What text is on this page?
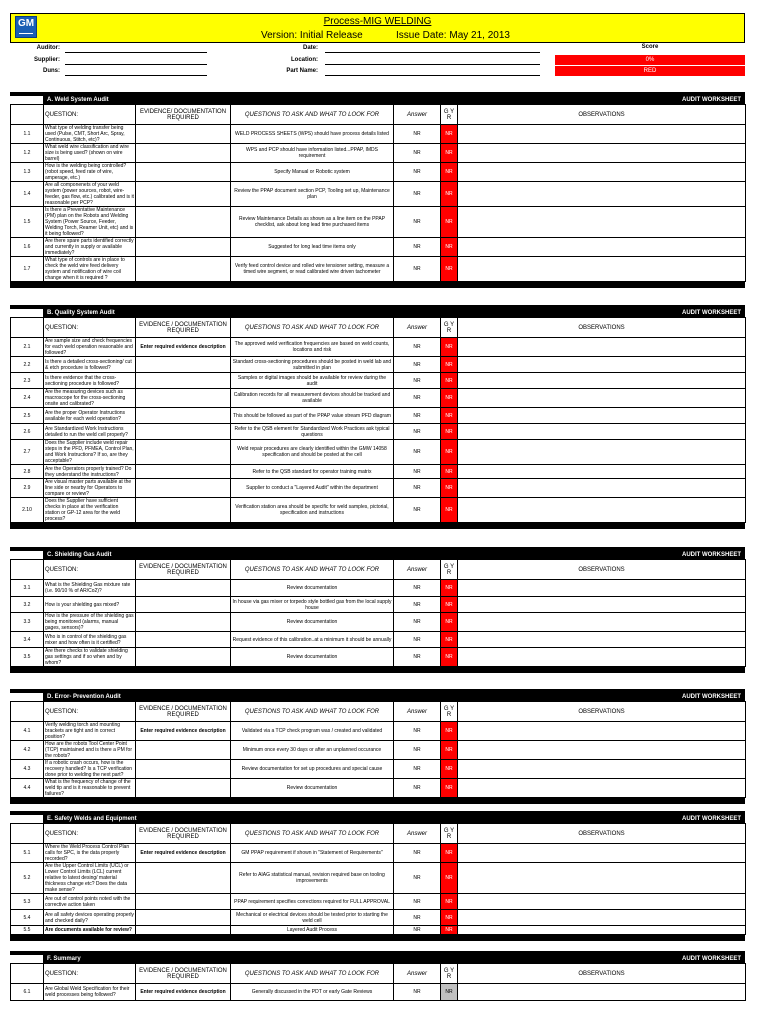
GM	Process-MIG WELDING
Version: Initial Release	Issue Date: May 21, 2013
Auditor:
Supplier:
Duns:
Date:
Location:
Part Name:
Score
0%
RED
A. Weld System Audit	AUDIT WORKSHEET
	QUESTION:	EVIDENCE/ DOCUMENTATION REQUIRED	QUESTIONS TO ASK AND WHAT TO LOOK FOR	Answer	G Y R	OBSERVATIONS
1.1	What type of welding transfer being used (Pulse, CMT, Short Arc, Spray, Continuous, Stitch, etc)?		WELD PROCESS SHEETS (WPS) should have process details listed	NR	NR	
1.2	What weld wire classification and wire size is being used? (shown on wire barrel)		WPS and PCP should have information listed...PPAP, IMDS requirement	NR	NR	
1.3	How is the welding being controlled? (robot speed, feed rate of wire, amperage, etc.)		Specify Manual or Robotic system	NR	NR	
1.4	Are all componenets of your weld system (power sources, robot, wire-feeder, gas flow, etc.) calibrated and is it reasonable per PCP?		Review the PPAP document section PCP, Tooling set up, Maintenance plan	NR	NR	
1.5	Is there a Preventative Maintenance (PM) plan on the Robots and Welding System (Power Source, Feeder, Welding Torch, Reamer Unit, etc) and is it being followed?		Review Maintenance Details as shown as a line item on the PPAP checklist, ask about long lead time purchased items	NR	NR	
1.6	Are there spare parts identified correctly and currently in supply or available immediately?		Suggested for long lead time items only	NR	NR	
1.7	What type of controls are in place to check the weld wire feed delivery system and notification of wire coil change when it is required ?		Verify feed control device and rolled wire tensioner setting, measure a timed wire segment, or read calibrated wire driven tachometer	NR	NR	
B. Quality System Audit	AUDIT WORKSHEET
	QUESTION:	EVIDENCE / DOCUMENTATION REQUIRED	QUESTIONS TO ASK AND WHAT TO LOOK FOR	Answer	G Y R	OBSERVATIONS
2.1	Are sample size and check frequencies for each weld operation reasonable and followed?	Enter required evidence description	The approved weld verification frequencies are based on weld counts, locations and risk	NR	NR	
2.2	Is there a detailed cross-sectioning/ cut & etch procedure is followed?		Standard cross-sectioning procedures should be posted in weld lab and submitted in plan	NR	NR	
2.3	Is there evidence that the cross-sectioning procedure is followed?		Samples or digital images should be available for review during the audit	NR	NR	
2.4	Are the measuring devices such as macroscope for the cross-sectioning onsite and calibrated?		Calibration records for all measurement devices should be tracked and available	NR	NR	
2.5	Are the proper Operator Instructions available for each weld operation?		This should be followed as part of the PPAP value stream PFD diagram	NR	NR	
2.6	Are Standardized Work Instructions detailed to run the weld cell properly?		Refer to the QSB element for Standardized Work Practices ask typical questions	NR	NR	
2.7	Does the Supplier include weld repair steps in the PFD, PFMEA, Control Plan, and Work Instructions? If so, are they acceptable?		Weld repair procedures are clearly identified within the GMW 14058 specification and should be posted at the cell	NR	NR	
2.8	Are the Operators properly trained? Do they understand the instructions?		Refer to the QSB standard for operator training matrix	NR	NR	
2.9	Are visual master parts available at the line side or nearby for Operators to compare or review?		Supplier to conduct a "Layered Audit" within the department	NR	NR	
2.10	Does the Supplier have sufficient checks in place at the verification station or GP-12 area for the weld process?		Verification station area should be specific for weld samples, pictorial, specification and instructions	NR	NR	
C. Shielding Gas Audit	AUDIT WORKSHEET
	QUESTION:	EVIDENCE / DOCUMENTATION REQUIRED	QUESTIONS TO ASK AND WHAT TO LOOK FOR	Answer	G Y R	OBSERVATIONS
3.1	What is the Shielding Gas mixture rate (i.e. 90/10 % of AR/Co2)?		Review documentation	NR	NR	
3.2	How is your shielding gas mixed?		In house via gas mixer or torpedo style bottled gas from the local supply house	NR	NR	
3.3	How is the pressure of the shielding gas being monitored (alarms, manual gages, sensors)?		Review documentation	NR	NR	
3.4	Who is in control of the shielding gas mixer and how often is it certified?		Request evidence of this calibration..at a minimum it should be annually	NR	NR	
3.5	Are there checks to validate shielding gas settings and if so when and by whom?		Review documentation	NR	NR	
D. Error- Prevention Audit	AUDIT WORKSHEET
	QUESTION:	EVIDENCE / DOCUMENTATION REQUIRED	QUESTIONS TO ASK AND WHAT TO LOOK FOR	Answer	G Y R	OBSERVATIONS
4.1	Verify welding torch and mounting brackets are tight and in correct position?	Enter required evidence description	Validated via a TCP check program was / created and validated	NR	NR	
4.2	How are the robots Tool Center Point (TCP) maintained and is there a PM for the robots?		Minimum once every 30 days or after an unplanned occurance	NR	NR	
4.3	If a robotic crash occurs, how is the recovery handled? Is a TCP verification done prior to welding the next part?		Review documentation for set up procedures and special cause	NR	NR	
4.4	What is the frequency of change of the weld tip and is it reasonable to prevent failures?		Review documentation	NR	NR	
E. Safety Welds and Equipment	AUDIT WORKSHEET
	QUESTION:	EVIDENCE / DOCUMENTATION REQUIRED	QUESTIONS TO ASK AND WHAT TO LOOK FOR	Answer	G Y R	OBSERVATIONS
5.1	Where the Weld Process Control Plan calls for SPC, is the data properly recorded?	Enter required evidence description	GM PPAP requirement if shown in "Statement of Requirements"	NR	NR	
5.2	Are the Upper Control Limits (UCL) or Lower Control Limits (LCL) current relative to latest desing/ material thickness change etc? Does the data make sense?		Refer to AIAG statistical manual, revision required base on tooling improvements	NR	NR	
5.3	Are out of control points noted with the corrective action taken		PPAP requirement specifies corrections required for FULL APPROVAL	NR	NR	
5.4	Are all safety devices operating properly and checked daily?		Mechanical or electrical devices should be tested prior to starting the weld cell	NR	NR	
5.5	Are documents available for review?		Layered Audit Process	NR	NR	
F. Summary	AUDIT WORKSHEET
	QUESTION:	EVIDENCE / DOCUMENTATION REQUIRED	QUESTIONS TO ASK AND WHAT TO LOOK FOR	Answer	G Y R	OBSERVATIONS
6.1	Are Global Weld Specification for their weld processes being followed?	Enter required evidence description	Generally discussed in the PDT or early Gate Reviews	NR	NR	
